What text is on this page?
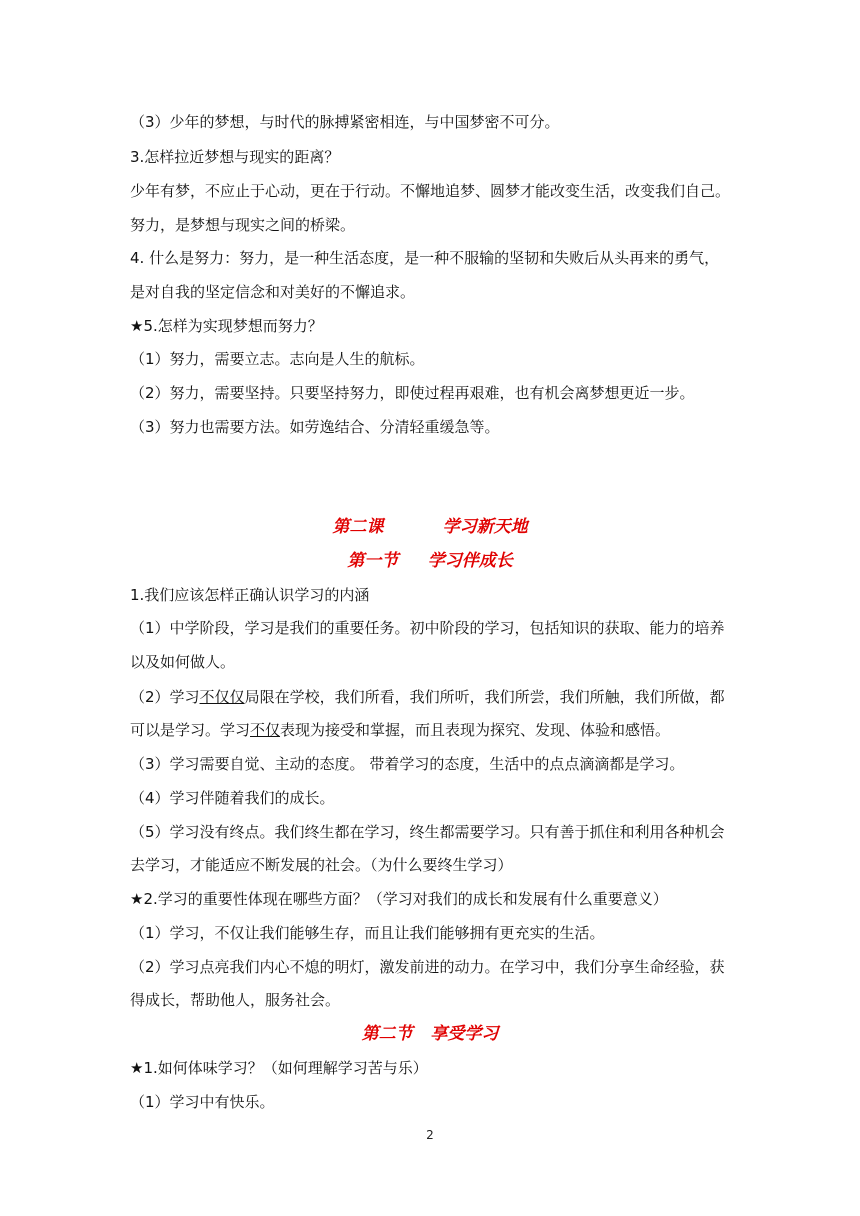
（3）少年的梦想，与时代的脉搏紧密相连，与中国梦密不可分。
3.怎样拉近梦想与现实的距离？
少年有梦，不应止于心动，更在于行动。不懈地追梦、圆梦才能改变生活，改变我们自己。
努力，是梦想与现实之间的桥梁。
4. 什么是努力：努力，是一种生活态度，是一种不服输的坚韧和失败后从头再来的勇气，
是对自我的坚定信念和对美好的不懈追求。
★5.怎样为实现梦想而努力？
（1）努力，需要立志。志向是人生的航标。
（2）努力，需要坚持。只要坚持努力，即使过程再艰难，也有机会离梦想更近一步。
（3）努力也需要方法。如劳逸结合、分清轻重缓急等。
第二课          学习新天地
第一节     学习伴成长
1.我们应该怎样正确认识学习的内涵
（1）中学阶段，学习是我们的重要任务。初中阶段的学习，包括知识的获取、能力的培养
以及如何做人。
（2）学习不仅仅局限在学校，我们所看，我们所听，我们所尝，我们所触，我们所做，都
可以是学习。学习不仅表现为接受和掌握，而且表现为探究、发现、体验和感悟。
（3）学习需要自觉、主动的态度。 带着学习的态度，生活中的点点滴滴都是学习。
（4）学习伴随着我们的成长。
（5）学习没有终点。我们终生都在学习，终生都需要学习。只有善于抓住和利用各种机会
去学习，才能适应不断发展的社会。（为什么要终生学习）
★2.学习的重要性体现在哪些方面？（学习对我们的成长和发展有什么重要意义）
（1）学习，不仅让我们能够生存，而且让我们能够拥有更充实的生活。
（2）学习点亮我们内心不熄的明灯，激发前进的动力。在学习中，我们分享生命经验，获
得成长，帮助他人，服务社会。
第二节   享受学习
★1.如何体味学习？（如何理解学习苦与乐）
（1）学习中有快乐。
2
